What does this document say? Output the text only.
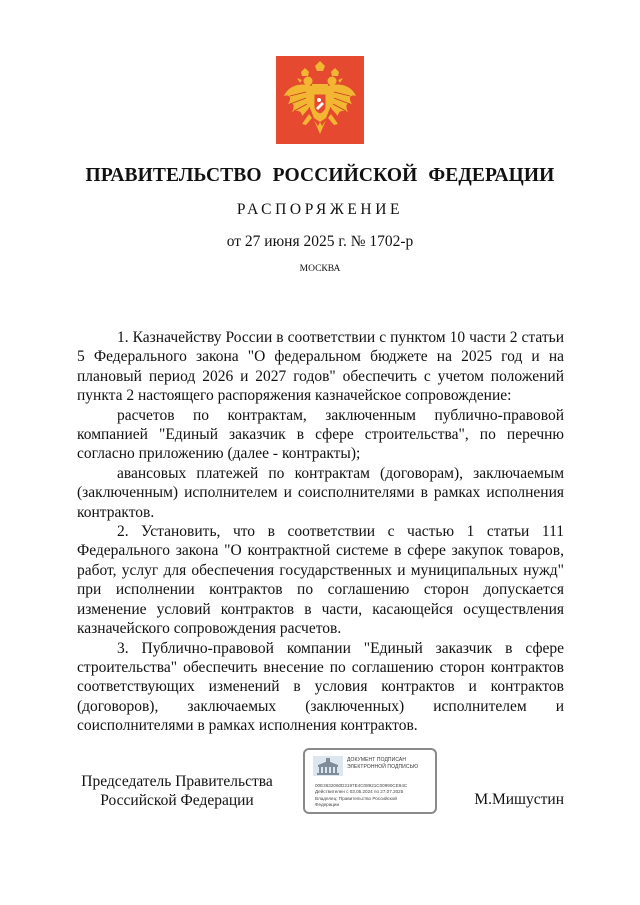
ПРАВИТЕЛЬСТВО РОССИЙСКОЙ ФЕДЕРАЦИИ
РАСПОРЯЖЕНИЕ
от 27 июня 2025 г. № 1702-р
МОСКВА

1. Казначейству России в соответствии с пунктом 10 части 2 статьи 5 Федерального закона "О федеральном бюджете на 2025 год и на плановый период 2026 и 2027 годов" обеспечить с учетом положений пункта 2 настоящего распоряжения казначейское сопровождение:

расчетов по контрактам, заключенным публично-правовой компанией "Единый заказчик в сфере строительства", по перечню согласно приложению (далее - контракты);

авансовых платежей по контрактам (договорам), заключаемым (заключенным) исполнителем и соисполнителями в рамках исполнения контрактов.

2. Установить, что в соответствии с частью 1 статьи 111 Федерального закона "О контрактной системе в сфере закупок товаров, работ, услуг для обеспечения государственных и муниципальных нужд" при исполнении контрактов по соглашению сторон допускается изменение условий контрактов в части, касающейся осуществления казначейского сопровождения расчетов.

3. Публично-правовой компании "Единый заказчик в сфере строительства" обеспечить внесение по соглашению сторон контрактов соответствующих изменений в условия контрактов и контрактов (договоров), заключаемых (заключенных) исполнителем и соисполнителями в рамках исполнения контрактов.

Председатель Правительства
Российской Федерации
ДОКУМЕНТ ПОДПИСАН
ЭЛЕКТРОННОЙ ПОДПИСЬЮ
00E3632060D2197E4C08921C00990CE94C
Действителен с 03.05.2024 по 27.07.2025
Владелец: Правительство Российской
Федерации	М.Мишустин
